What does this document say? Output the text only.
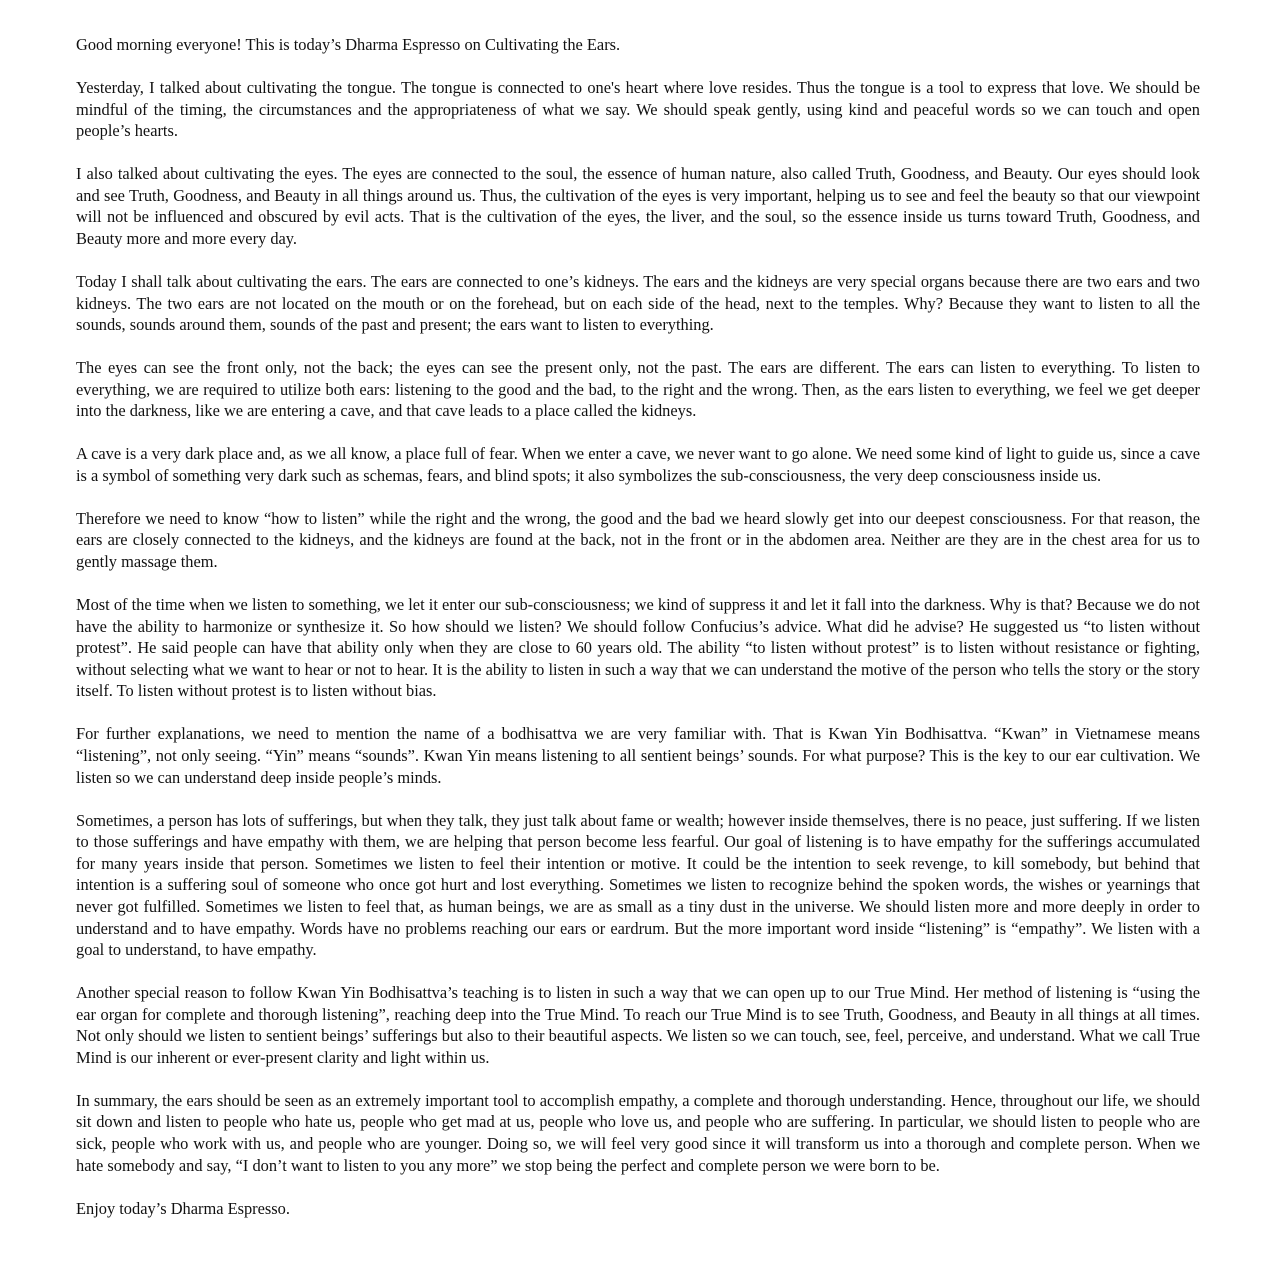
Good morning everyone! This is today’s Dharma Espresso on Cultivating the Ears.

Yesterday, I talked about cultivating the tongue. The tongue is connected to one's heart where love resides. Thus the tongue is a tool to express that love. We should be mindful of the timing, the circumstances and the appropriateness of what we say. We should speak gently, using kind and peaceful words so we can touch and open people’s hearts.

I also talked about cultivating the eyes. The eyes are connected to the soul, the essence of human nature, also called Truth, Goodness, and Beauty. Our eyes should look and see Truth, Goodness, and Beauty in all things around us. Thus, the cultivation of the eyes is very important, helping us to see and feel the beauty so that our viewpoint will not be influenced and obscured by evil acts. That is the cultivation of the eyes, the liver, and the soul, so the essence inside us turns toward Truth, Goodness, and Beauty more and more every day.

Today I shall talk about cultivating the ears. The ears are connected to one’s kidneys. The ears and the kidneys are very special organs because there are two ears and two kidneys. The two ears are not located on the mouth or on the forehead, but on each side of the head, next to the temples. Why? Because they want to listen to all the sounds, sounds around them, sounds of the past and present; the ears want to listen to everything.

The eyes can see the front only, not the back; the eyes can see the present only, not the past. The ears are different. The ears can listen to everything. To listen to everything, we are required to utilize both ears: listening to the good and the bad, to the right and the wrong. Then, as the ears listen to everything, we feel we get deeper into the darkness, like we are entering a cave, and that cave leads to a place called the kidneys.

A cave is a very dark place and, as we all know, a place full of fear. When we enter a cave, we never want to go alone. We need some kind of light to guide us, since a cave is a symbol of something very dark such as schemas, fears, and blind spots; it also symbolizes the sub-consciousness, the very deep consciousness inside us.

Therefore we need to know “how to listen” while the right and the wrong, the good and the bad we heard slowly get into our deepest consciousness. For that reason, the ears are closely connected to the kidneys, and the kidneys are found at the back, not in the front or in the abdomen area. Neither are they are in the chest area for us to gently massage them.

Most of the time when we listen to something, we let it enter our sub-consciousness; we kind of suppress it and let it fall into the darkness. Why is that? Because we do not have the ability to harmonize or synthesize it. So how should we listen? We should follow Confucius’s advice. What did he advise? He suggested us “to listen without protest”. He said people can have that ability only when they are close to 60 years old. The ability “to listen without protest” is to listen without resistance or fighting, without selecting what we want to hear or not to hear. It is the ability to listen in such a way that we can understand the motive of the person who tells the story or the story itself. To listen without protest is to listen without bias.

For further explanations, we need to mention the name of a bodhisattva we are very familiar with. That is Kwan Yin Bodhisattva. “Kwan” in Vietnamese means “listening”, not only seeing. “Yin” means “sounds”. Kwan Yin means listening to all sentient beings’ sounds. For what purpose? This is the key to our ear cultivation. We listen so we can understand deep inside people’s minds.

Sometimes, a person has lots of sufferings, but when they talk, they just talk about fame or wealth; however inside themselves, there is no peace, just suffering. If we listen to those sufferings and have empathy with them, we are helping that person become less fearful. Our goal of listening is to have empathy for the sufferings accumulated for many years inside that person. Sometimes we listen to feel their intention or motive. It could be the intention to seek revenge, to kill somebody, but behind that intention is a suffering soul of someone who once got hurt and lost everything. Sometimes we listen to recognize behind the spoken words, the wishes or yearnings that never got fulfilled. Sometimes we listen to feel that, as human beings, we are as small as a tiny dust in the universe. We should listen more and more deeply in order to understand and to have empathy. Words have no problems reaching our ears or eardrum. But the more important word inside “listening” is “empathy”. We listen with a goal to understand, to have empathy.

Another special reason to follow Kwan Yin Bodhisattva’s teaching is to listen in such a way that we can open up to our True Mind. Her method of listening is “using the ear organ for complete and thorough listening”, reaching deep into the True Mind. To reach our True Mind is to see Truth, Goodness, and Beauty in all things at all times. Not only should we listen to sentient beings’ sufferings but also to their beautiful aspects. We listen so we can touch, see, feel, perceive, and understand. What we call True Mind is our inherent or ever-present clarity and light within us.

In summary, the ears should be seen as an extremely important tool to accomplish empathy, a complete and thorough understanding. Hence, throughout our life, we should sit down and listen to people who hate us, people who get mad at us, people who love us, and people who are suffering. In particular, we should listen to people who are sick, people who work with us, and people who are younger. Doing so, we will feel very good since it will transform us into a thorough and complete person. When we hate somebody and say, “I don’t want to listen to you any more” we stop being the perfect and complete person we were born to be.

Enjoy today’s Dharma Espresso.
